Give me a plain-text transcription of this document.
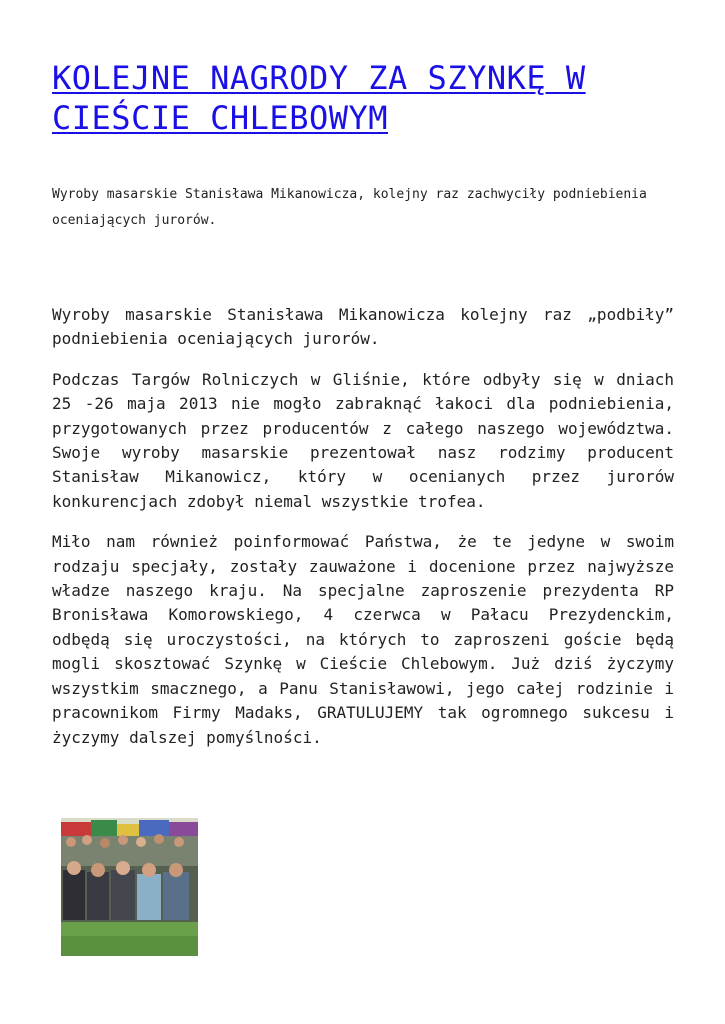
KOLEJNE NAGRODY ZA SZYNKĘ W CIEŚCIE CHLEBOWYM

Wyroby masarskie Stanisława Mikanowicza, kolejny raz zachwyciły podniebienia oceniających jurorów.

Wyroby masarskie Stanisława Mikanowicza kolejny raz „podbiły” podniebienia oceniających jurorów.

Podczas Targów Rolniczych w Gliśnie, które odbyły się w dniach 25 -26 maja 2013 nie mogło zabraknąć łakoci dla podniebienia, przygotowanych przez producentów z całego naszego województwa. Swoje wyroby masarskie prezentował nasz rodzimy producent Stanisław Mikanowicz, który w ocenianych przez jurorów konkurencjach zdobył niemal wszystkie trofea.

Miło nam również poinformować Państwa, że te jedyne w swoim rodzaju specjały, zostały zauważone i docenione przez najwyższe władze naszego kraju. Na specjalne zaproszenie prezydenta RP Bronisława Komorowskiego, 4 czerwca w Pałacu Prezydenckim, odbędą się uroczystości, na których to zaproszeni goście będą mogli skosztować Szynkę w Cieście Chlebowym. Już dziś życzymy wszystkim smacznego, a Panu Stanisławowi, jego całej rodzinie i pracownikom Firmy Madaks, GRATULUJEMY tak ogromnego sukcesu i życzymy dalszej pomyślności.
